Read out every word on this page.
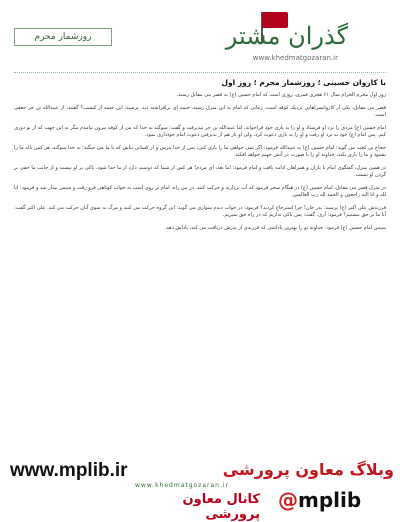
روزشمار محرم	گذران مشتر
www.khedmatgozaran.ir
با کاروان حسینی ؛ روزشمار محرم ؛ روز اول

روز اول محرم الحرام سال ۶۱ هجری قمری، روزی است که امام حسین (ع) به قصر بنی مقاتل رسید.

قصر بنی مقاتل، یکی از کاروانسراهایی نزدیک کوفه است. زمانی که امام به این منزل رسید، خیمه ای برافراشته دید. پرسید: این خیمه از کیست؟ گفتند: از عبیدالله بن حر جعفی است.

امام حسین (ع) مردی را نزد او فرستاد و او را به یاری خود فراخواند، اما عبیدالله بن حر نپذیرفت و گفت: سوگند به خدا که من از کوفه بیرون نیامدم مگر به این جهت که از تو دوری کنم. پس امام (ع) خود به نزد او رفت و او را به یاری دعوت کرد، ولی او باز هم از پذیرفتن دعوت امام خودداری نمود.

حجاج بن کعب می گوید: امام حسین (ع) به عبیدالله فرمود: اگر نمی خواهی ما را یاری کنی، پس از خدا بترس و از کسانی نباش که با ما می جنگند؛ به خدا سوگند، هر کس ناله ما را بشنود و ما را یاری نکند، خداوند او را با صورت در آتش جهنم خواهد افکند.

در همین منزل، گفتگوی امام با یاران و همراهان ادامه یافت و امام فرمود: اما بعد، ای مردم! هر کس از شما که دوست دارد از ما جدا شود، باکی بر او نیست و از جانب ما حقی بر گردن او نیست.

در منزل قصر بنی مقاتل، امام حسین (ع) در هنگام سحر فرمود که آب بردارند و حرکت کنند. در بین راه، امام بر روی اسب به خواب کوتاهی فرو رفت و سپس بیدار شد و فرمود: انا لله و انا الیه راجعون و الحمد لله رب العالمین.

فرزندش علی اکبر (ع) پرسید: پدر جان! چرا استرجاع کردید؟ فرمود: در خواب دیدم سواری می گوید: این گروه حرکت می کنند و مرگ به سوی آنان حرکت می کند. علی اکبر گفت: آیا ما بر حق نیستیم؟ فرمود: آری. گفت: پس باکی نداریم که در راه حق بمیریم.

سپس امام حسین (ع) فرمود: خداوند تو را بهترین پاداشی که فرزندی از پدرش دریافت می کند، پاداش دهد.

www.mplib.ir	وبلاگ معاون پرورشی
www.khedmatgozaran.ir
کانال معاون پرورشی
@mplib
